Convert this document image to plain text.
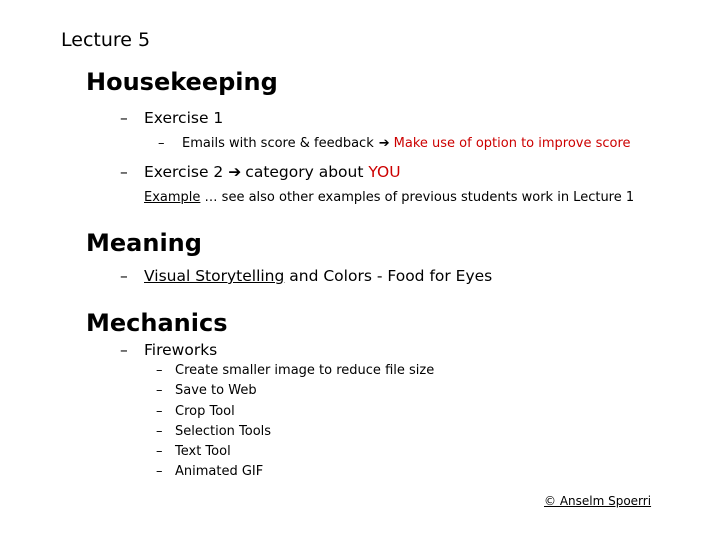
Lecture 5
Housekeeping
– Exercise 1
– Emails with score & feedback ➔ Make use of option to improve score
– Exercise 2 ➔ category about YOU
Example … see also other examples of previous students work in Lecture 1
Meaning
– Visual Storytelling and Colors - Food for Eyes
Mechanics
– Fireworks
– Create smaller image to reduce file size
– Save to Web
– Crop Tool
– Selection Tools
– Text Tool
– Animated GIF
© Anselm Spoerri
